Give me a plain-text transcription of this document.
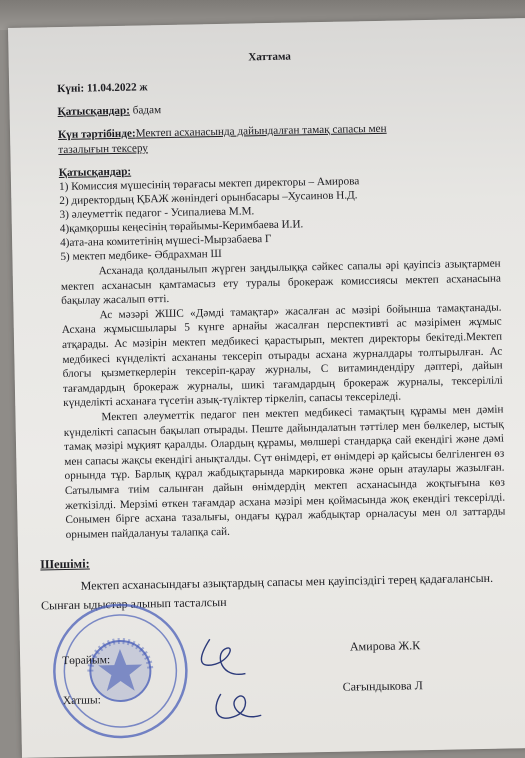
Хаттама
Күні: 11.04.2022 ж
Қатысқандар: бадам
Күн тәртібінде:Мектеп асханасында дайындалған тамақ сапасы мен
тазалығын тексеру
Қатысқандар:
1) Комиссия мүшесінің төрағасы мектеп директоры – Амирова
2) директордың ҚБАЖ жөніндегі орынбасары –Хусаинов Н.Д.
3) әлеуметтік педагог - Усипалиева М.М.
4)қамқоршы кеңесінің төрайымы-Керимбаева И.И.
4)ата-ана комитетінің мүшесі-Мырзабаева Г
5) мектеп медбике- Әбдрахман Ш

Асханада қолданылып жүрген заңдылыққа сәйкес сапалы әрі қауіпсіз азықтармен мектеп асханасын қамтамасыз ету туралы брокераж комиссиясы мектеп асханасына бақылау жасалып өтті.

Ас мәзәрі ЖШС «Дәмді тамақтар» жасалған ас мәзірі бойынша тамақтанады. Асхана жұмысшылары 5 күнге арнайы жасалған перспективті ас мәзірімен жұмыс атқарады. Ас мәзірін мектеп медбикесі қарастырып, мектеп директоры бекітеді.Мектеп медбикесі күнделікті асхананы тексеріп отырады асхана журналдары толтырылған. Ас блогы қызметкерлерін тексеріп-қарау журналы, С витаминдендіру дәптері, дайын тағамдардың брокераж журналы, шикі тағамдардың брокераж журналы, тексерілілі күнделікті асханаға түсетін азық-түліктер тіркеліп, сапасы тексеріледі.

Мектеп әлеуметтік педагог пен мектеп медбикесі тамақтың құрамы мен дәмін күнделікті сапасын бақылап отырады. Пеште дайындалатын тәттілер мен бөлкелер, ыстық тамақ мәзірі мұқият қаралды. Олардың құрамы, мөлшері стандарқа сай екендігі және дәмі мен сапасы жақсы екендігі анықталды. Сүт өнімдері, ет өнімдері әр қайсысы белгіленген өз орнында тұр. Барлық құрал жабдықтарында маркировка және орын атаулары жазылған. Сатылымға тиім салынған дайын өнімдердің мектеп асханасында жоқтығына көз жеткізілді. Мерзімі өткен тағамдар асхана мәзірі мен қоймасында жоқ екендігі тексерілді. Сонымен бірге асхана тазалығы, ондағы құрал жабдықтар орналасуы мен ол заттарды орнымен пайдалануы талапқа сай.

Шешімі:
Мектеп асханасындағы азықтардың сапасы мен қауіпсіздігі терең қадағалансын. Сынған ыдыстар алынып тасталсын
Төрайым:
Амирова Ж.К
Хатшы:
Сағындыкова Л
